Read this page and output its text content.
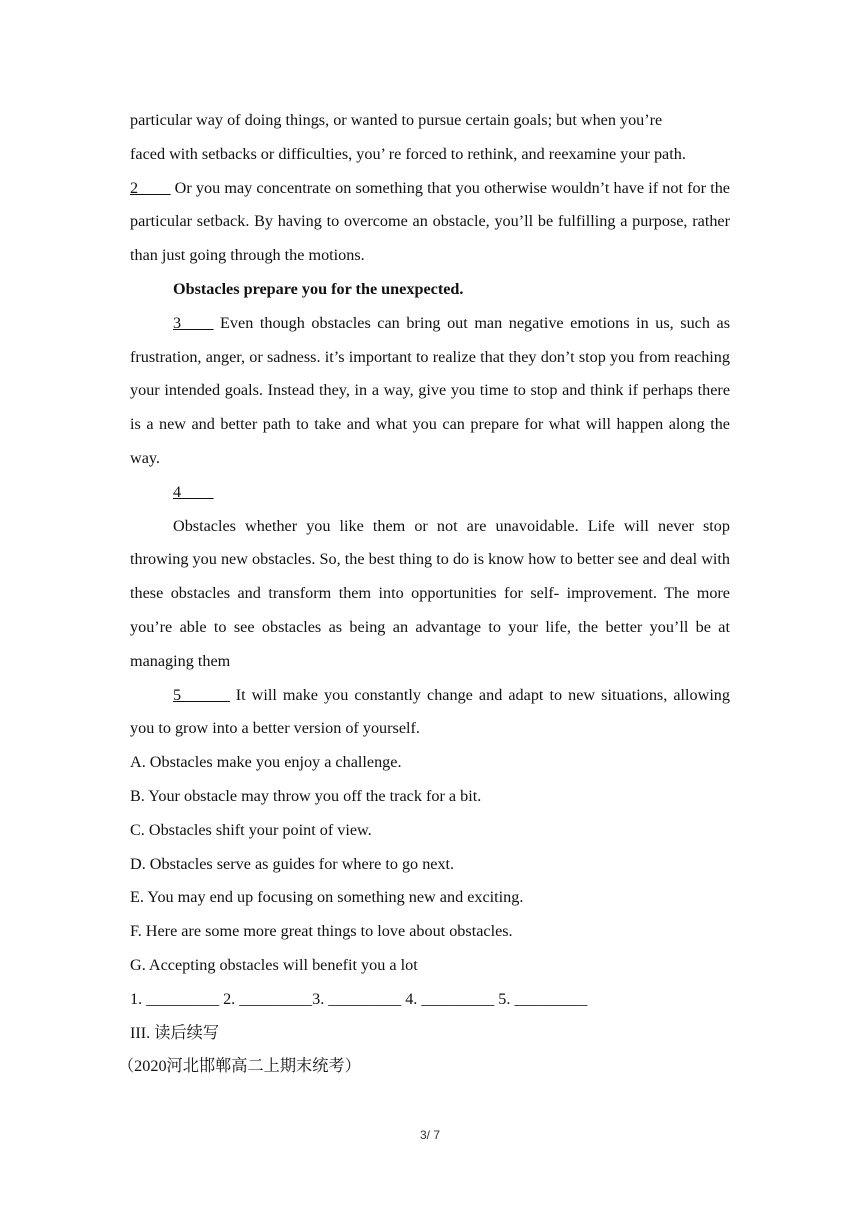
particular way of doing things, or wanted to pursue certain goals; but when you’re
faced with setbacks or difficulties, you’ re forced to rethink, and reexamine your path.

2____ Or you may concentrate on something that you otherwise wouldn’t have if not for the particular setback. By having to overcome an obstacle, you’ll be fulfilling a purpose, rather than just going through the motions.

Obstacles prepare you for the unexpected.

3____ Even though obstacles can bring out man negative emotions in us, such as frustration, anger, or sadness. it’s important to realize that they don’t stop you from reaching your intended goals. Instead they, in a way, give you time to stop and think if perhaps there is a new and better path to take and what you can prepare for what will happen along the way.

4____

Obstacles whether you like them or not are unavoidable. Life will never stop throwing you new obstacles. So, the best thing to do is know how to better see and deal with these obstacles and transform them into opportunities for self- improvement. The more you’re able to see obstacles as being an advantage to your life, the better you’ll be at managing them

5______ It will make you constantly change and adapt to new situations, allowing you to grow into a better version of yourself.

A. Obstacles make you enjoy a challenge.
B. Your obstacle may throw you off the track for a bit.
C. Obstacles shift your point of view.
D. Obstacles serve as guides for where to go next.
E. You may end up focusing on something new and exciting.
F. Here are some more great things to love about obstacles.
G. Accepting obstacles will benefit you a lot
1. _________ 2. _________3. _________ 4. _________ 5. _________
III. 读后续写
（2020河北邯郸高二上期末统考）
3/ 7
